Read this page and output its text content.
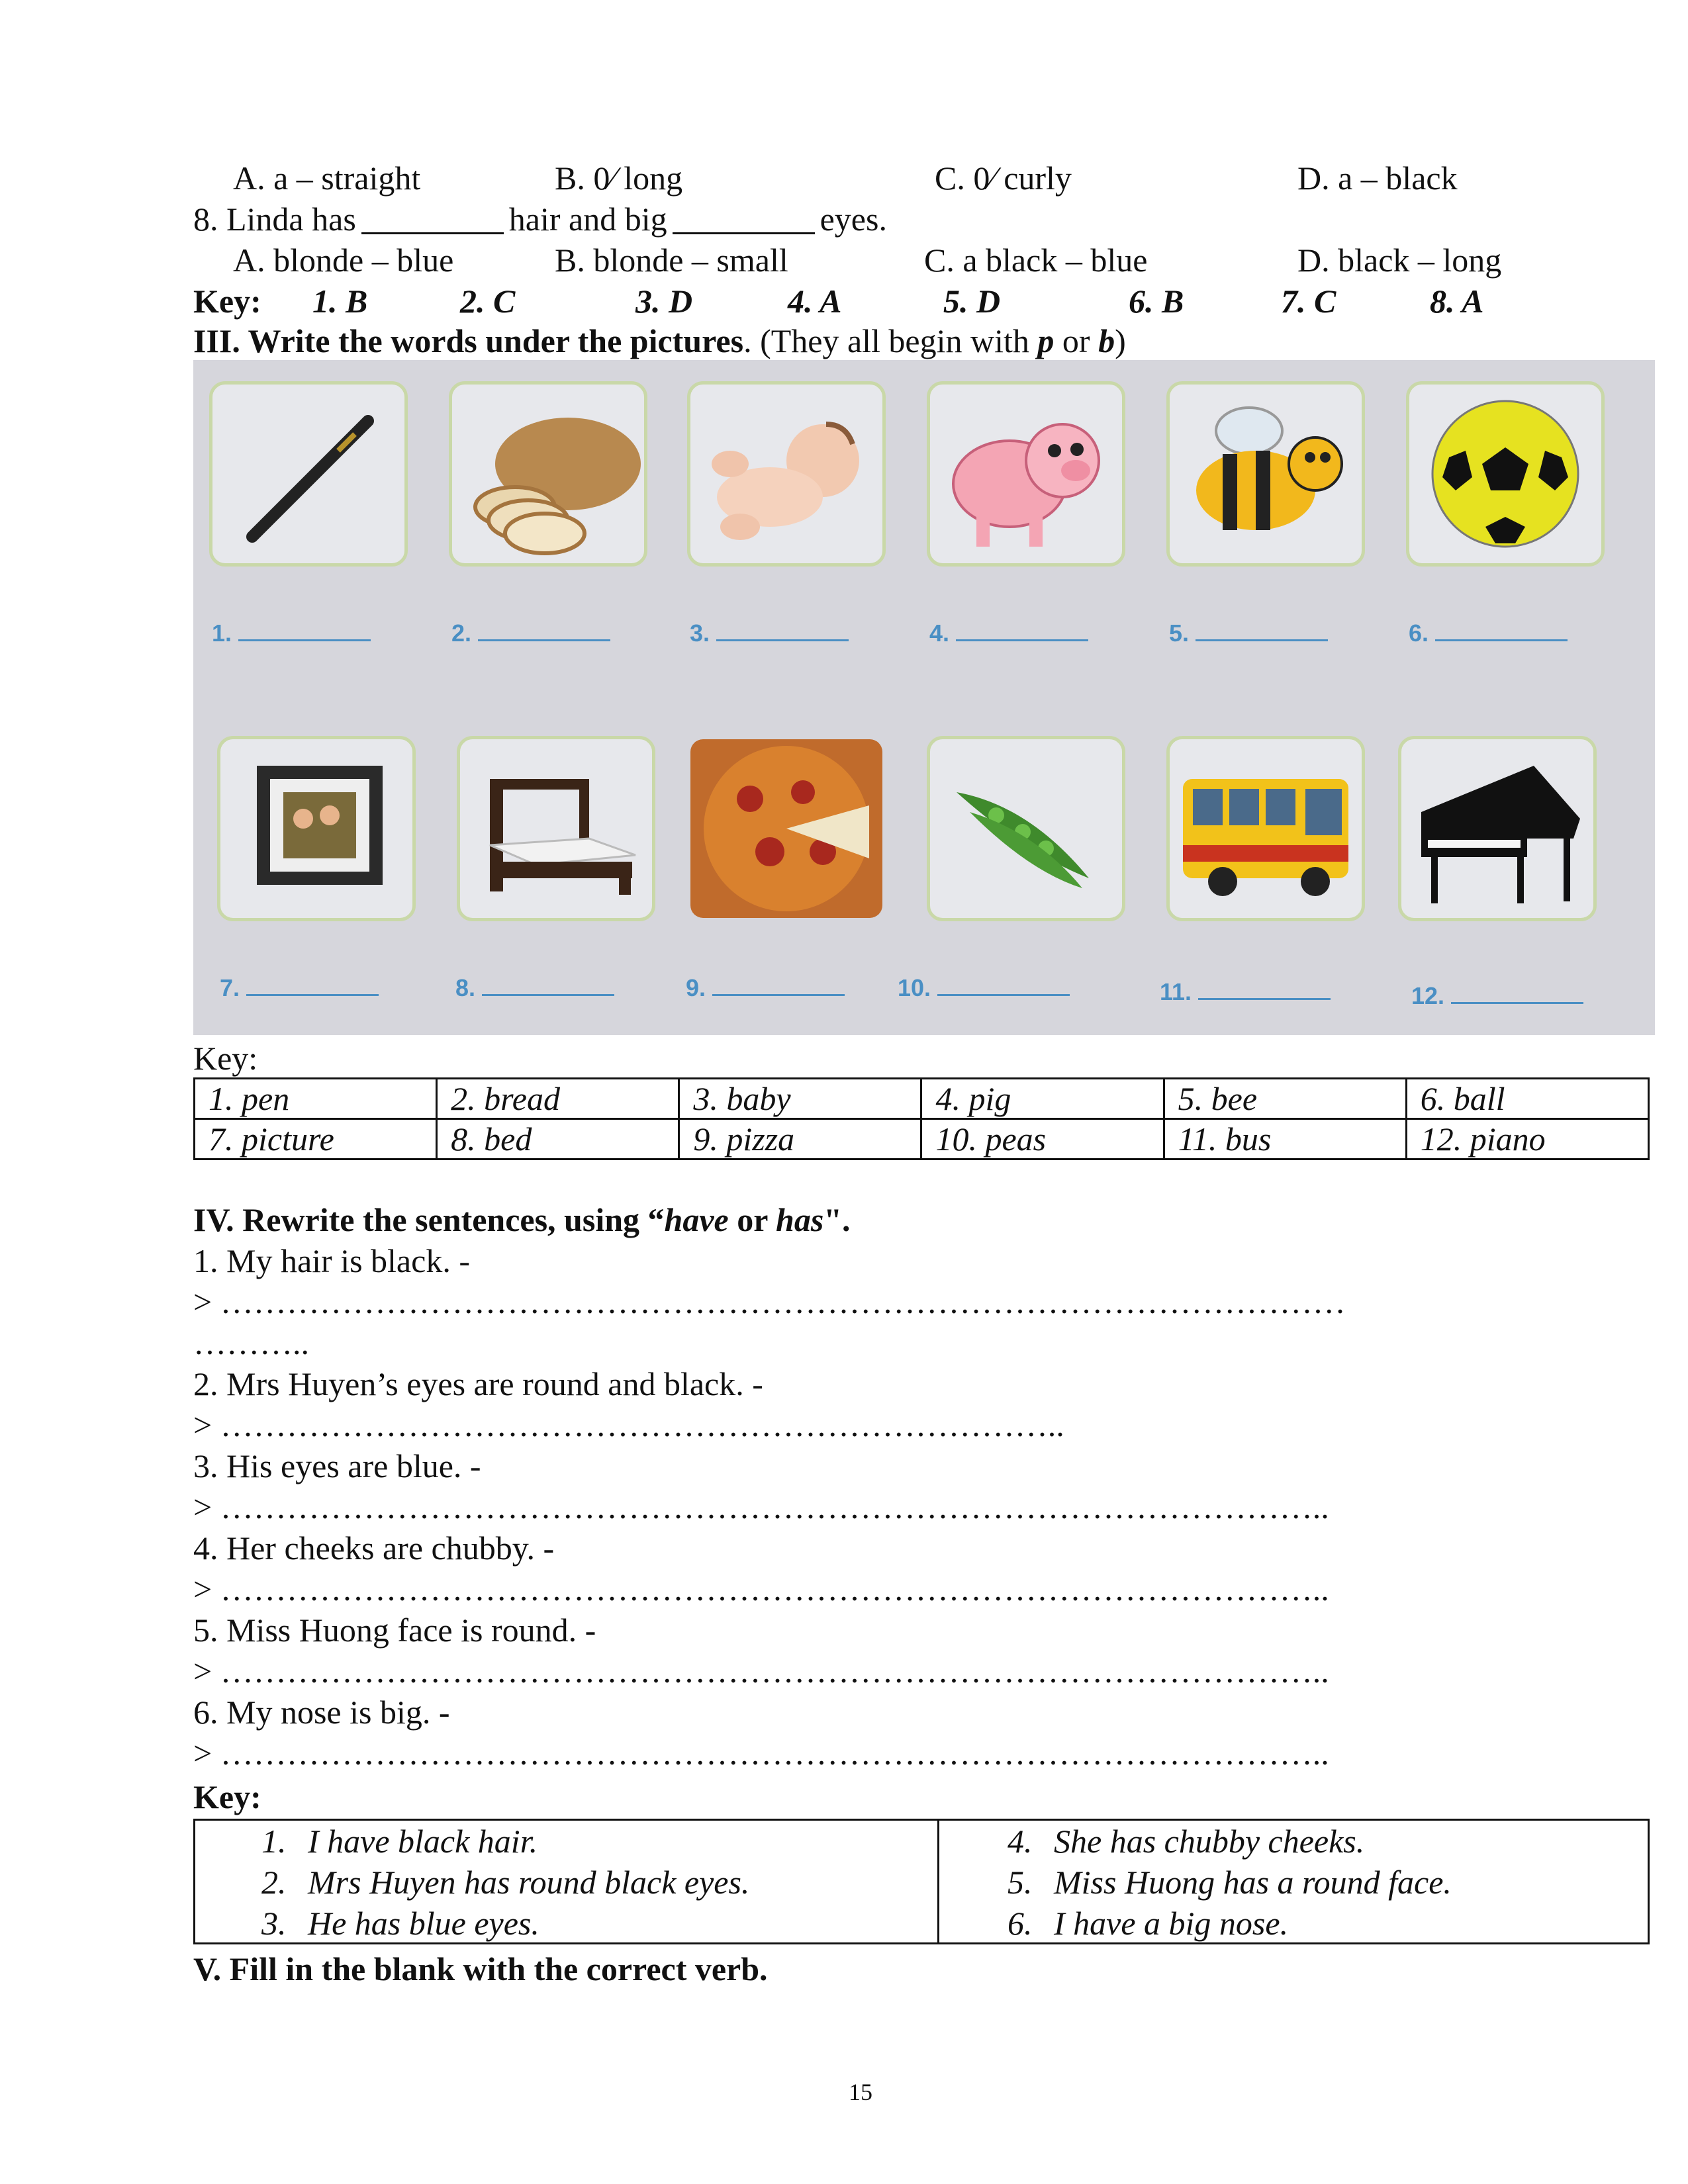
A. a – straight	B. 0∕ long	C. 0∕ curly	D. a – black
8. Linda has	hair and big	eyes.
A. blonde – blue	B. blonde – small	C. a black – blue	D. black – long
Key: 1. B	2. C	3. D	4. A	5. D	6. B	7. C	8. A
III. Write the words under the pictures. (They all begin with p or b)
1.	2.	3.	4.	5.	6.
7.	8.	9.	10.	11.	12.
Key:
1. pen	2. bread	3. baby	4. pig	5. bee	6. ball
7. picture	8. bed	9. pizza	10. peas	11. bus	12. piano
IV. Rewrite the sentences, using “have or has".
1. My hair is black. -
> …………………………………………………………………………………………
………..
2. Mrs Huyen’s eyes are round and black. -
> …………………………………………………………………..
3. His eyes are blue. -
> ………………………………………………………………………………………..
4. Her cheeks are chubby. -
> ………………………………………………………………………………………..
5. Miss Huong face is round. -
> ………………………………………………………………………………………..
6. My nose is big. -
> ………………………………………………………………………………………..
Key:
1. I have black hair.
2. Mrs Huyen has round black eyes.
3. He has blue eyes.
4. She has chubby cheeks.
5. Miss Huong has a round face.
6. I have a big nose.
V. Fill in the blank with the correct verb.
15
